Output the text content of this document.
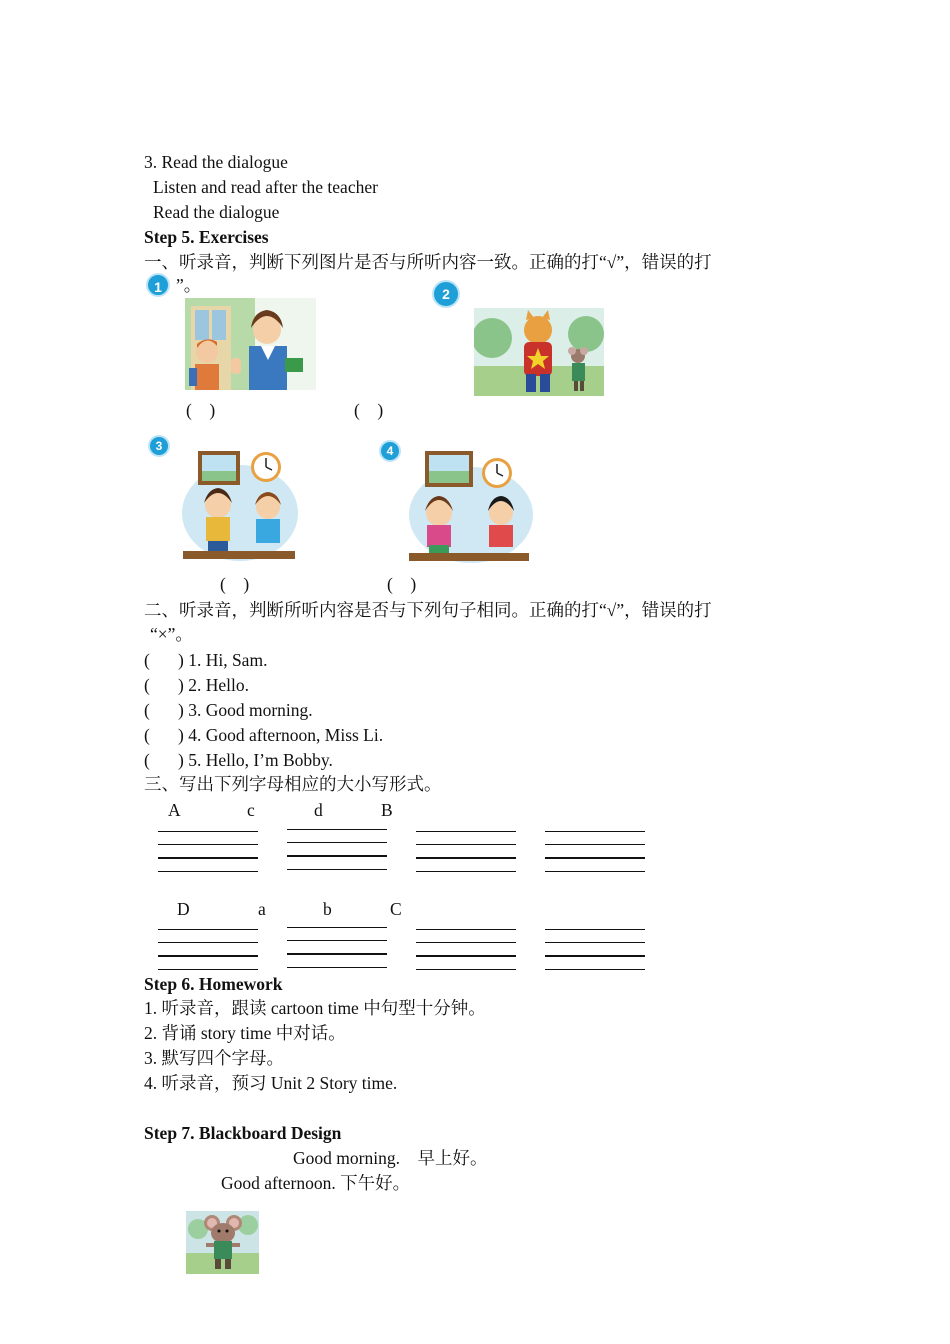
3. Read the dialogue
Listen and read after the teacher
Read the dialogue
Step 5. Exercises
一、听录音，判断下列图片是否与所听内容一致。正确的打“√”，错误的打
”。
1	2
(　)	(　)
3	4
(　)	(　)
二、听录音，判断所听内容是否与下列句子相同。正确的打“√”，错误的打
“×”。
( ) 1. Hi, Sam.
( ) 2. Hello.
( ) 3. Good morning.
( ) 4. Good afternoon, Miss Li.
( ) 5. Hello, I’m Bobby.
三、写出下列字母相应的大小写形式。
A	c	d	B
D	a	b	C
Step 6. Homework
1. 听录音，跟读 cartoon time 中句型十分钟。
2. 背诵 story time 中对话。
3. 默写四个字母。
4. 听录音，预习 Unit 2 Story time.
Step 7. Blackboard Design
Good morning.　早上好。
Good afternoon. 下午好。
